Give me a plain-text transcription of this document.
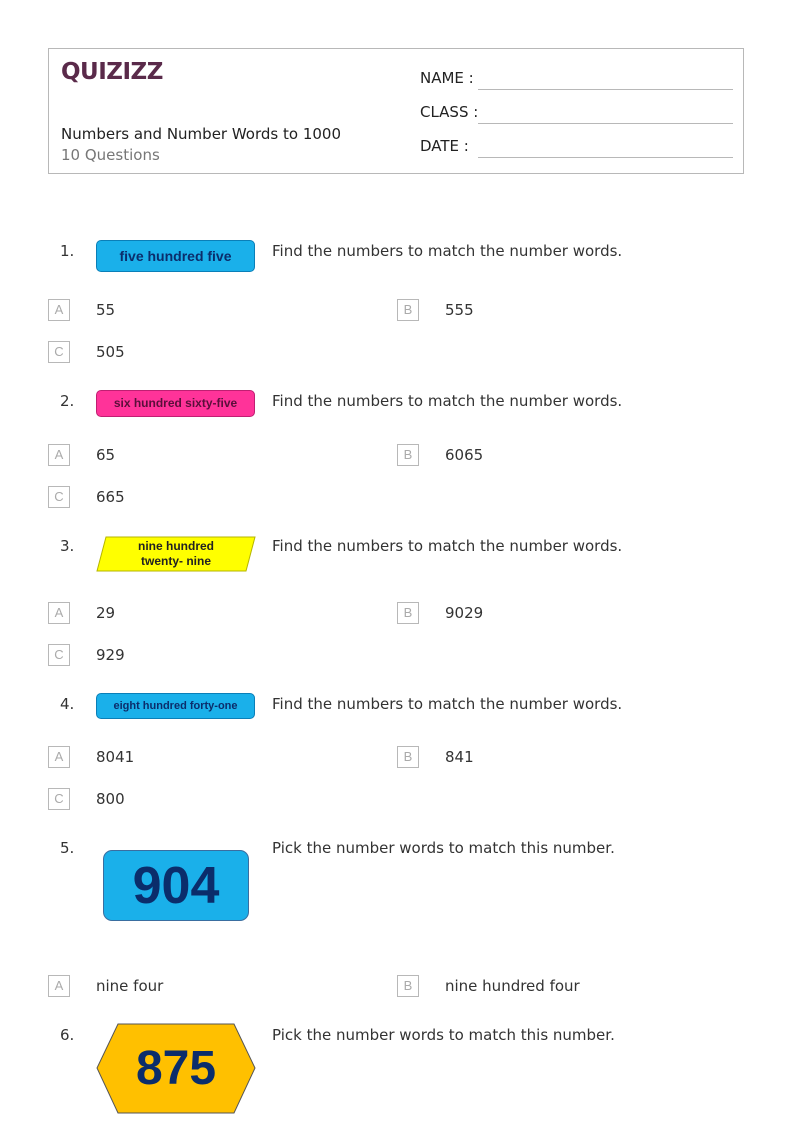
QUIZIZZ
Numbers and Number Words to 1000
10 Questions
NAME :
CLASS :
DATE :
1.	five hundred five	Find the numbers to match the number words.
A	55	B	555
C	505
2.	six hundred sixty-five	Find the numbers to match the number words.
A	65	B	6065
C	665
3.	nine hundred
twenty- nine
Find the numbers to match the number words.
A	29	B	9029
C	929
4.	eight hundred forty-one	Find the numbers to match the number words.
A	8041	B	841
C	800
5.
904
Pick the number words to match this number.
A	nine four	B	nine hundred four
6.
875
Pick the number words to match this number.
